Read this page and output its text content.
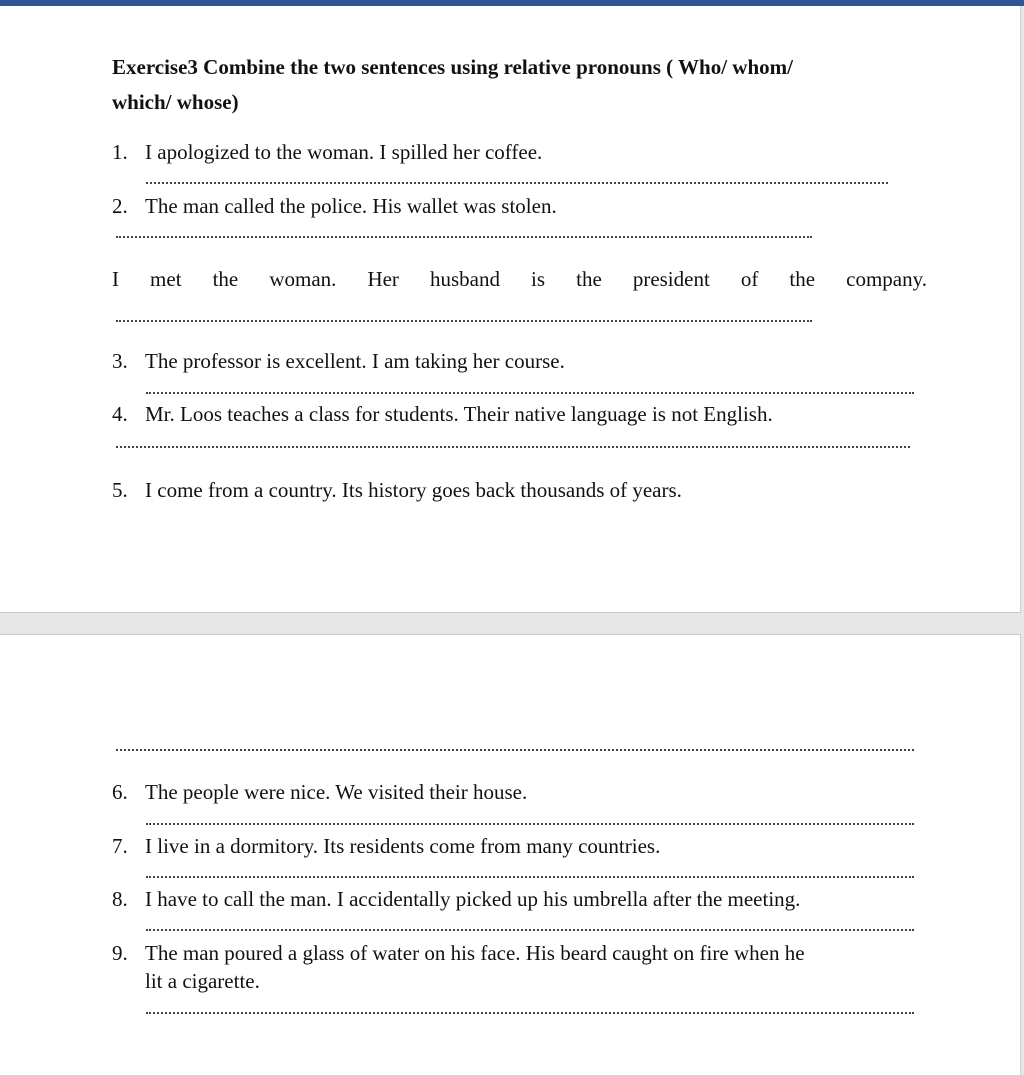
Exercise3 Combine the two sentences using relative pronouns ( Who/ whom/
which/ whose)
1. I apologized to the woman. I spilled her coffee.
2. The man called the police. His wallet was stolen.
I met the woman. Her husband is the president of the company.
3. The professor is excellent. I am taking her course.
4. Mr. Loos teaches a class for students. Their native language is not English.
5. I come from a country. Its history goes back thousands of years.
6. The people were nice. We visited their house.
7. I live in a dormitory. Its residents come from many countries.
8. I have to call the man. I accidentally picked up his umbrella after the meeting.
9. The man poured a glass of water on his face. His beard caught on fire when he
lit a cigarette.
